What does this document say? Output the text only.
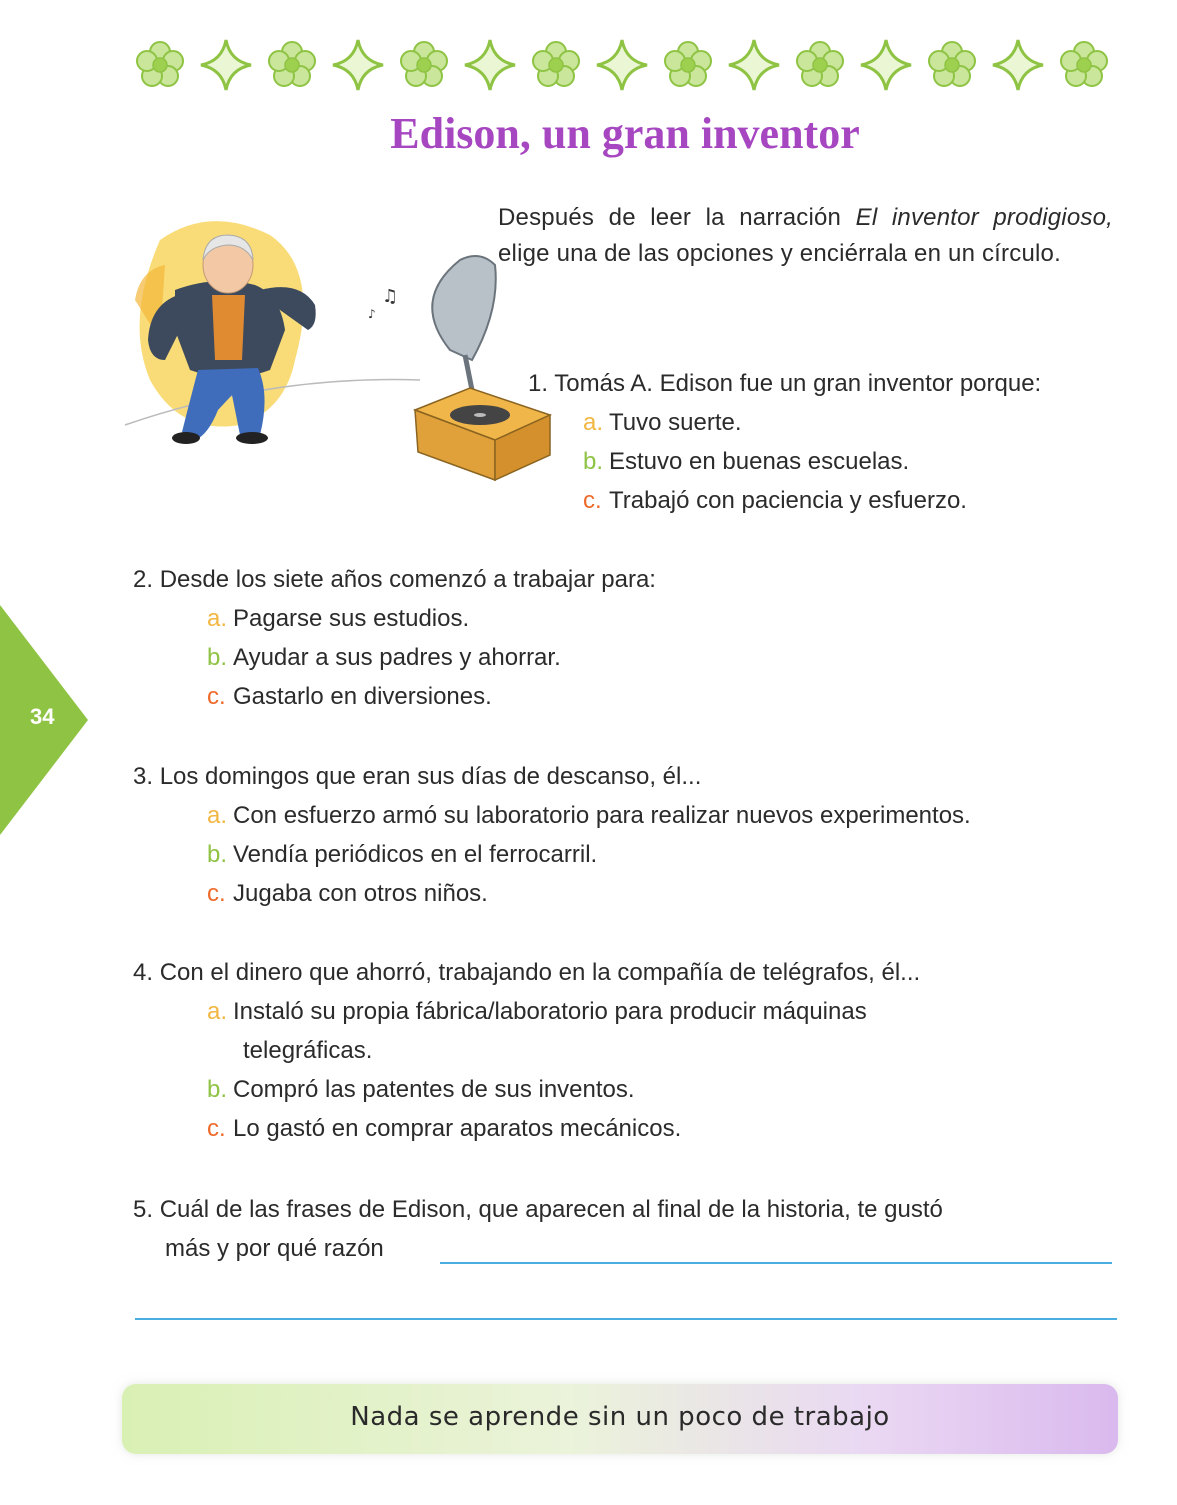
Edison, un gran inventor
♫
♪

Después de leer la narración El inventor prodigioso, elige una de las opciones y enciérrala en un círculo.

1. Tomás A. Edison fue un gran inventor porque:
a. Tuvo suerte.
b. Estuvo en buenas escuelas.
c. Trabajó con paciencia y esfuerzo.
2. Desde los siete años comenzó a trabajar para:
a. Pagarse sus estudios.
b. Ayudar a sus padres y ahorrar.
c. Gastarlo en diversiones.
3. Los domingos que eran sus días de descanso, él...
a. Con esfuerzo armó su laboratorio para realizar nuevos experimentos.
b. Vendía periódicos en el ferrocarril.
c. Jugaba con otros niños.
4. Con el dinero que ahorró, trabajando en la compañía de telégrafos, él...
a. Instaló su propia fábrica/laboratorio para producir máquinas
telegráficas.
b. Compró las patentes de sus inventos.
c. Lo gastó en comprar aparatos mecánicos.
5. Cuál de las frases de Edison, que aparecen al final de la historia, te gustó
más y por qué razón
34
Nada se aprende sin un poco de trabajo
